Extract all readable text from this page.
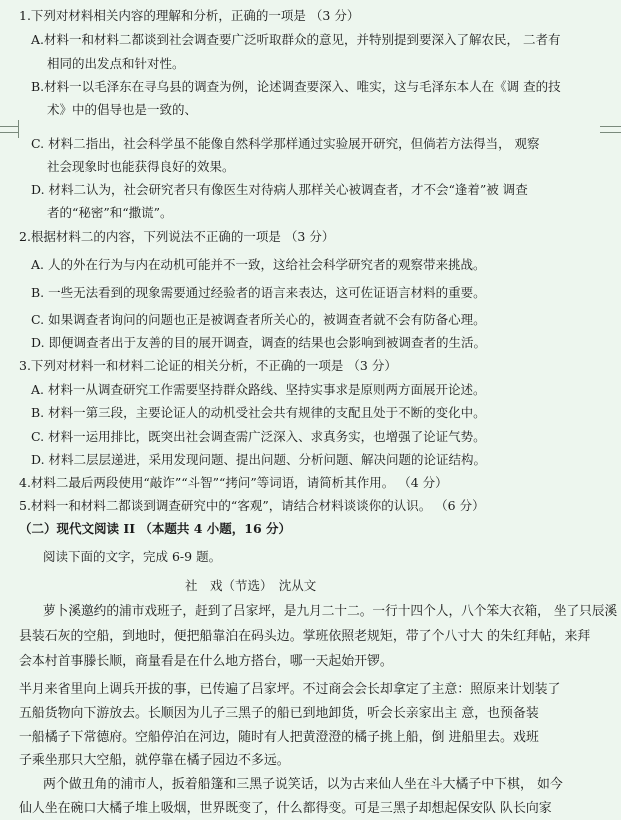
1.下列对材料相关内容的理解和分析，正确的一项是 （3 分）
A.材料一和材料二都谈到社会调查要广泛听取群众的意见，并特别提到要深入了解农民， 二者有
相同的出发点和针对性。
B.材料一以毛泽东在寻乌县的调查为例，论述调查要深入、唯实，这与毛泽东本人在《调 查的技
术》中的倡导也是一致的、
C. 材料二指出，社会科学虽不能像自然科学那样通过实验展开研究，但倘若方法得当， 观察
社会现象时也能获得良好的效果。
D. 材料二认为，社会研究者只有像医生对待病人那样关心被调查者，才不会“逢着”被 调查
者的“秘密”和“撒谎”。
2.根据材料二的内容，下列说法不正确的一项是 （3 分）
A. 人的外在行为与内在动机可能并不一致，这给社会科学研究者的观察带来挑战。
B. 一些无法看到的现象需要通过经验者的语言来表达，这可佐证语言材料的重要。
C. 如果调查者询问的问题也正是被调查者所关心的，被调查者就不会有防备心理。
D. 即便调查者出于友善的目的展开调查，调查的结果也会影响到被调查者的生活。
3.下列对材料一和材料二论证的相关分析，不正确的一项是 （3 分）
A. 材料一从调查研究工作需要坚持群众路线、坚持实事求是原则两方面展开论述。
B. 材料一第三段，主要论证人的动机受社会共有规律的支配且处于不断的变化中。
C. 材料一运用排比，既突出社会调查需广泛深入、求真务实，也增强了论证气势。
D. 材料二层层递进，采用发现问题、提出问题、分析问题、解决问题的论证结构。
4.材料二最后两段使用“敲诈”“斗智”“拷问”等词语，请简析其作用。 （4 分）
5.材料一和材料二都谈到调查研究中的“客观”，请结合材料谈谈你的认识。 （6 分）
（二）现代文阅读 II （本题共 4 小题，16 分）
阅读下面的文字，完成 6-9 题。
社　戏（节选）　沈从文
萝卜溪邀约的浦市戏班子，赶到了吕家坪，是九月二十二。一行十四个人，八个笨大衣箱， 坐了只辰溪
县装石灰的空船，到地时，便把船靠泊在码头边。掌班依照老规矩，带了个八寸大 的朱红拜帖，来拜
会本村首事滕长顺，商量看是在什么地方搭台，哪一天起始开锣。
半月来省里向上调兵开拔的事，已传遍了吕家坪。不过商会会长却拿定了主意：照原来计划装了
五船货物向下游放去。长顺因为儿子三黑子的船已到地卸货，听会长亲家出主 意，也预备装
一船橘子下常德府。空船停泊在河边，随时有人把黄澄澄的橘子挑上船，倒 进船里去。戏班
子乘坐那只大空船，就停靠在橘子园边不多远。
两个做丑角的浦市人，扳着船篷和三黑子说笑话，以为古来仙人坐在斗大橘子中下棋， 如今
仙人坐在碗口大橘子堆上吸烟，世界既变了，什么都得变。可是三黑子却想起保安队 队长向家
